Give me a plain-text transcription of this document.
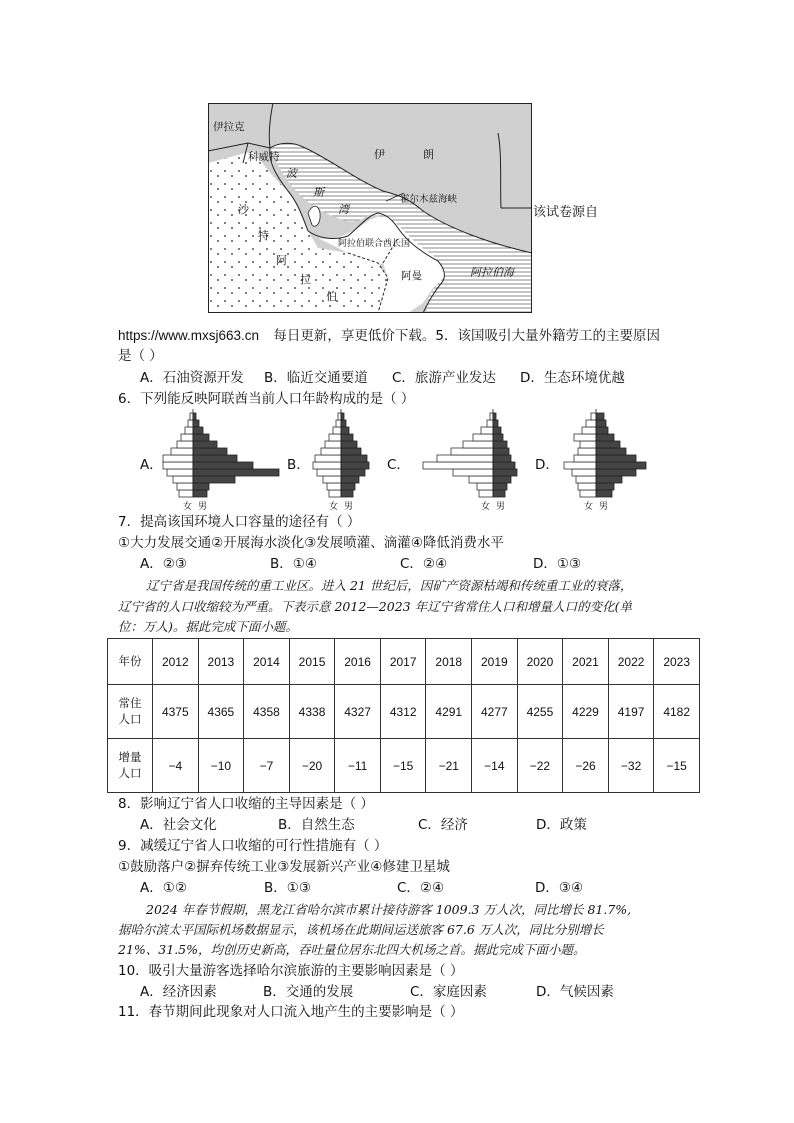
伊拉克
科威特	伊	朗
波
斯
湾
霍尔木兹海峡
沙
特
阿
拉
伯
阿拉伯联合酋长国
阿曼	阿拉伯海
该试卷源自
https://www.mxsj663.cn 每日更新，享更低价下载。5．该国吸引大量外籍劳工的主要原因
是（ ）
A．石油资源开发 B．临近交通要道 C．旅游产业发达 D．生态环境优越
6．下列能反映阿联酋当前人口年龄构成的是（ ）
A．	B．	C．	D．
女 男	女 男	女 男	女 男
7．提高该国环境人口容量的途径有（ ）
①大力发展交通②开展海水淡化③发展喷灌、滴灌④降低消费水平
A．②③	B．①④	C．②④	D．①③
辽宁省是我国传统的重工业区。进入 21 世纪后，因矿产资源枯竭和传统重工业的衰落，
辽宁省的人口收缩较为严重。下表示意 2012—2023 年辽宁省常住人口和增量人口的变化(单
位：万人)。据此完成下面小题。
年份	2012	2013	2014	2015	2016	2017	2018	2019	2020	2021	2022	2023
常住
人口	4375	4365	4358	4338	4327	4312	4291	4277	4255	4229	4197	4182
增量
人口	−4	−10	−7	−20	−11	−15	−21	−14	−22	−26	−32	−15
8．影响辽宁省人口收缩的主导因素是（ ）
A．社会文化	B．自然生态	C．经济	D．政策
9．减缓辽宁省人口收缩的可行性措施有（ ）
①鼓励落户②摒弃传统工业③发展新兴产业④修建卫星城
A．①②	B．①③	C．②④	D．③④
2024 年春节假期，黑龙江省哈尔滨市累计接待游客 1009.3 万人次，同比增长 81.7%,
据哈尔滨太平国际机场数据显示，该机场在此期间运送旅客 67.6 万人次，同比分别增长
21%、31.5%，均创历史新高，吞吐量位居东北四大机场之首。据此完成下面小题。
10．吸引大量游客选择哈尔滨旅游的主要影响因素是（ ）
A．经济因素	B．交通的发展	C．家庭因素	D．气候因素
11．春节期间此现象对人口流入地产生的主要影响是（ ）
